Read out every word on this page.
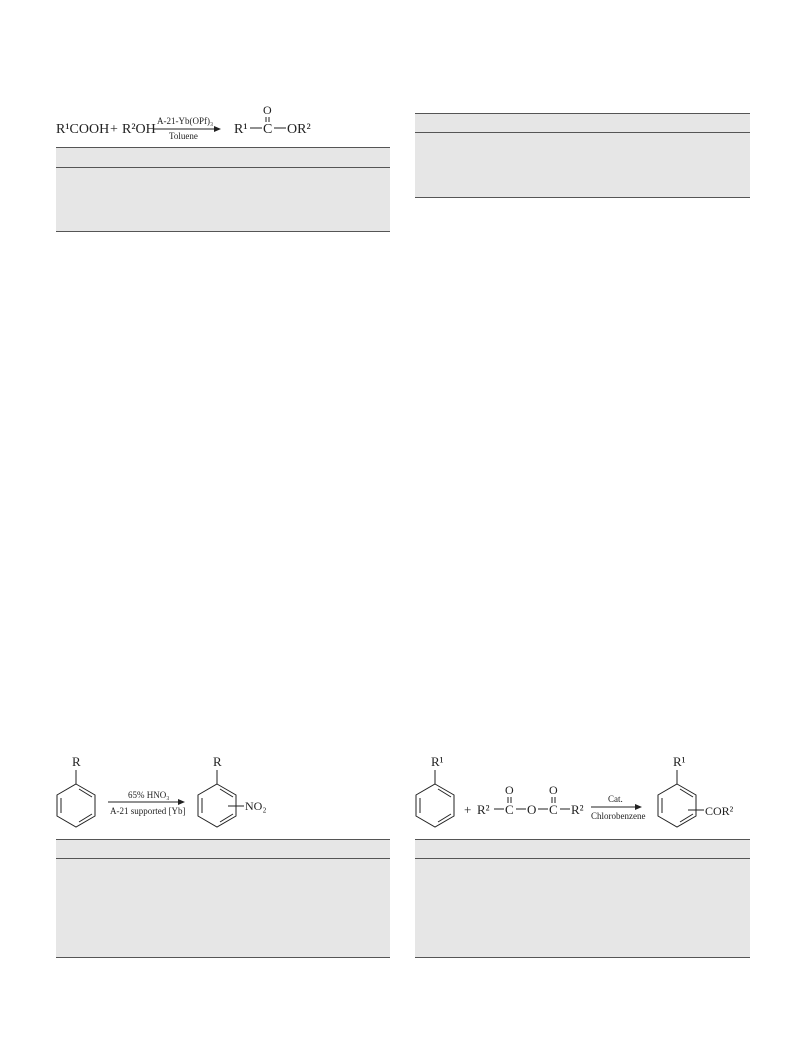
R¹COOH + R²OH
A-21-Yb(OPf)₃
Toluene	R¹ C
O
OR²
R
65% HNO₃
A-21 supported [Yb]
R
NO₂
R¹
+ R² C
O
O C
O
R²
Cat.
Chlorobenzene
R¹
COR²
